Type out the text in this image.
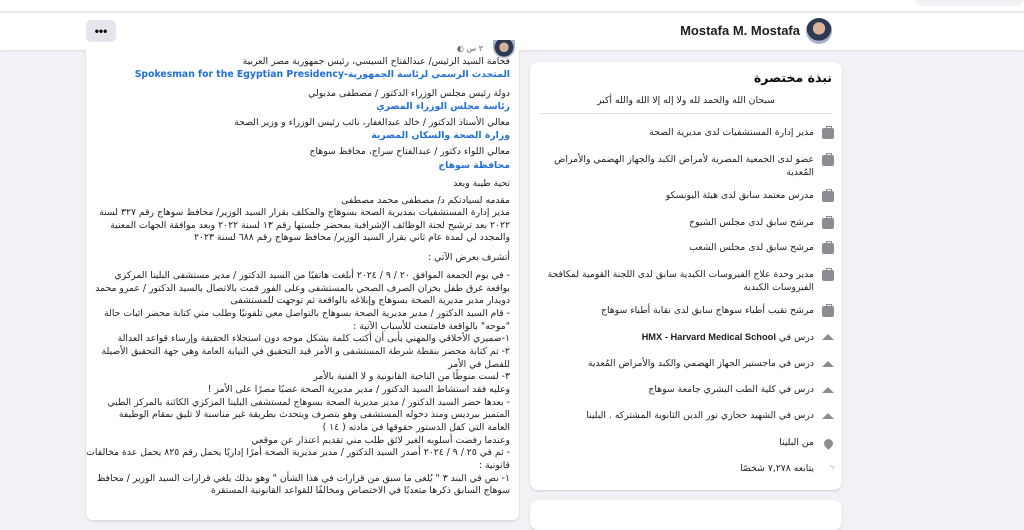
•••	Mostafa M. Mostafa
٣ س ◐
فخامة السيد الرئيس/ عبدالفتاح السيسي، رئيس جمهورية مصر العربية
المتحدث الرسمي لرئاسة الجمهورية-Spokesman for the Egyptian Presidency
دولة رئيس مجلس الوزراء الدكتور / مصطفى مدبولي
رئاسة مجلس الوزراء المصري
معالي الأستاذ الدكتور / خالد عبدالغفار، نائب رئيس الوزراء و وزير الصحة
وزارة الصحة والسكان المصرية
معالي اللواء دكتور / عبدالفتاح سراج، محافظ سوهاج
محافظة سوهاج
تحية طيبة وبعد
مقدمه لسيادتكم د/ مصطفى محمد مصطفى
مدير إدارة المستشفيات بمديرية الصحة بسوهاج والمكلف بقرار السيد الوزير/ محافظ سوهاج رقم ٣٢٧ لسنة
٢٠٢٢ بعد ترشيح لجنة الوظائف الإشرافية بمحضر جلستها رقم ١٣ لسنة ٢٠٢٢ وبعد موافقة الجهات المعنية
والمجدد لي لمدة عام ثاني بقرار السيد الوزير/ محافظ سوهاج رقم ٦٨٨ لسنة ٢٠٢٣
أتشرف بعرض الآتي :
- في يوم الجمعة الموافق ٢٠ / ٩ / ٢٠٢٤ أبلغت هاتفيًا من السيد الدكتور / مدير مستشفى البلينا المركزي
بواقعة غرق طفل بخزان الصرف الصحي بالمستشفى وعلى الفور قمت بالاتصال بالسيد الدكتور / عمرو محمد
دويدار مدير مديرية الصحة بسوهاج وإبلاغه بالواقعة ثم توجهت للمستشفى
- قام السيد الدكتور / مدير مديرية الصحة بسوهاج بالتواصل معي تلفونيًا وطلب مني كتابة محضر اثبات حالة
"موجه" بالواقعة فامتنعت للأسباب الآتية :
١-ضميري الأخلاقي والمهني يأبى أن أكتب كلمة بشكل موجه دون استجلاء الحقيقة وإرساء قواعد العدالة
٢- تم كتابة محضر بنقطة شرطة المستشفى و الأمر قيد التحقيق في النيابة العامة وهي جهة التحقيق الأصيلة
للفصل في الأمر
٣- لست منوطًا من الناحية القانونية و لا الفنية بالأمر
وعليه فقد استشاط السيد الدكتور / مدير مديرية الصحة غضبًا مصرًا على الأمر !
- بعدها حضر السيد الدكتور / مدير مديرية الصحة بسوهاج لمستشفى البلينا المركزي الكائنة بالمركز الطبي
المتميز ببرديس ومنذ دخوله المستشفى وهو يتصرف ويتحدث بطريقة غير مناسبة لا تليق بمقام الوظيفة
العامة التي كفل الدستور حقوقها في مادته ( ١٤ )
وعندما رفضت أسلوبه الغير لائق طلب مني تقديم اعتذار عن موقعي
- ثم في ٢٥ / ٩ / ٢٠٢٤ أصدر السيد الدكتور / مدير مديرية الصحة أمرًا إداريًا يحمل رقم ٨٢٥ يحمل عدة مخالفات
قانونية :
١- نص في البند ٣ " يُلغى ما سبق من قرارات في هذا الشأن " وهو بذلك يلغي قرارات السيد الوزير / محافظ
سوهاج السابق ذكرها متعديًا في الاختصاص ومخالفًا للقواعد القانونية المستقرة
نبذة مختصرة
سبحان الله والحمد لله ولا إله إلا الله والله أكبر
مدير إدارة المستشفيات لدى مديرية الصحة
عضو لدى الجمعية المصرية لأمراض الكبد والجهاز الهضمي والأمراض المُعدية
مدرس معتمد سابق لدى هيئة اليونسكو
مرشح سابق لدى مجلس الشيوخ
مرشح سابق لدى مجلس الشعب
مدير وحدة علاج الفيروسات الكبدية سابق لدى اللجنة القومية لمكافحة الفيروسات الكبدية
مرشح نقيب أطباء سوهاج سابق لدى نقابة أطباء سوهاج
درس في HMX - Harvard Medical School
درس في ماجستير الجهاز الهضمي والكبد والأمراض المُعدية
درس في كلية الطب البشري جامعة سوهاج
درس في الشهيد حجازي نور الدين الثانوية المشتركه . البلينا
من البلينا
◝
يتابعه ٧,٢٧٨ شخصًا
